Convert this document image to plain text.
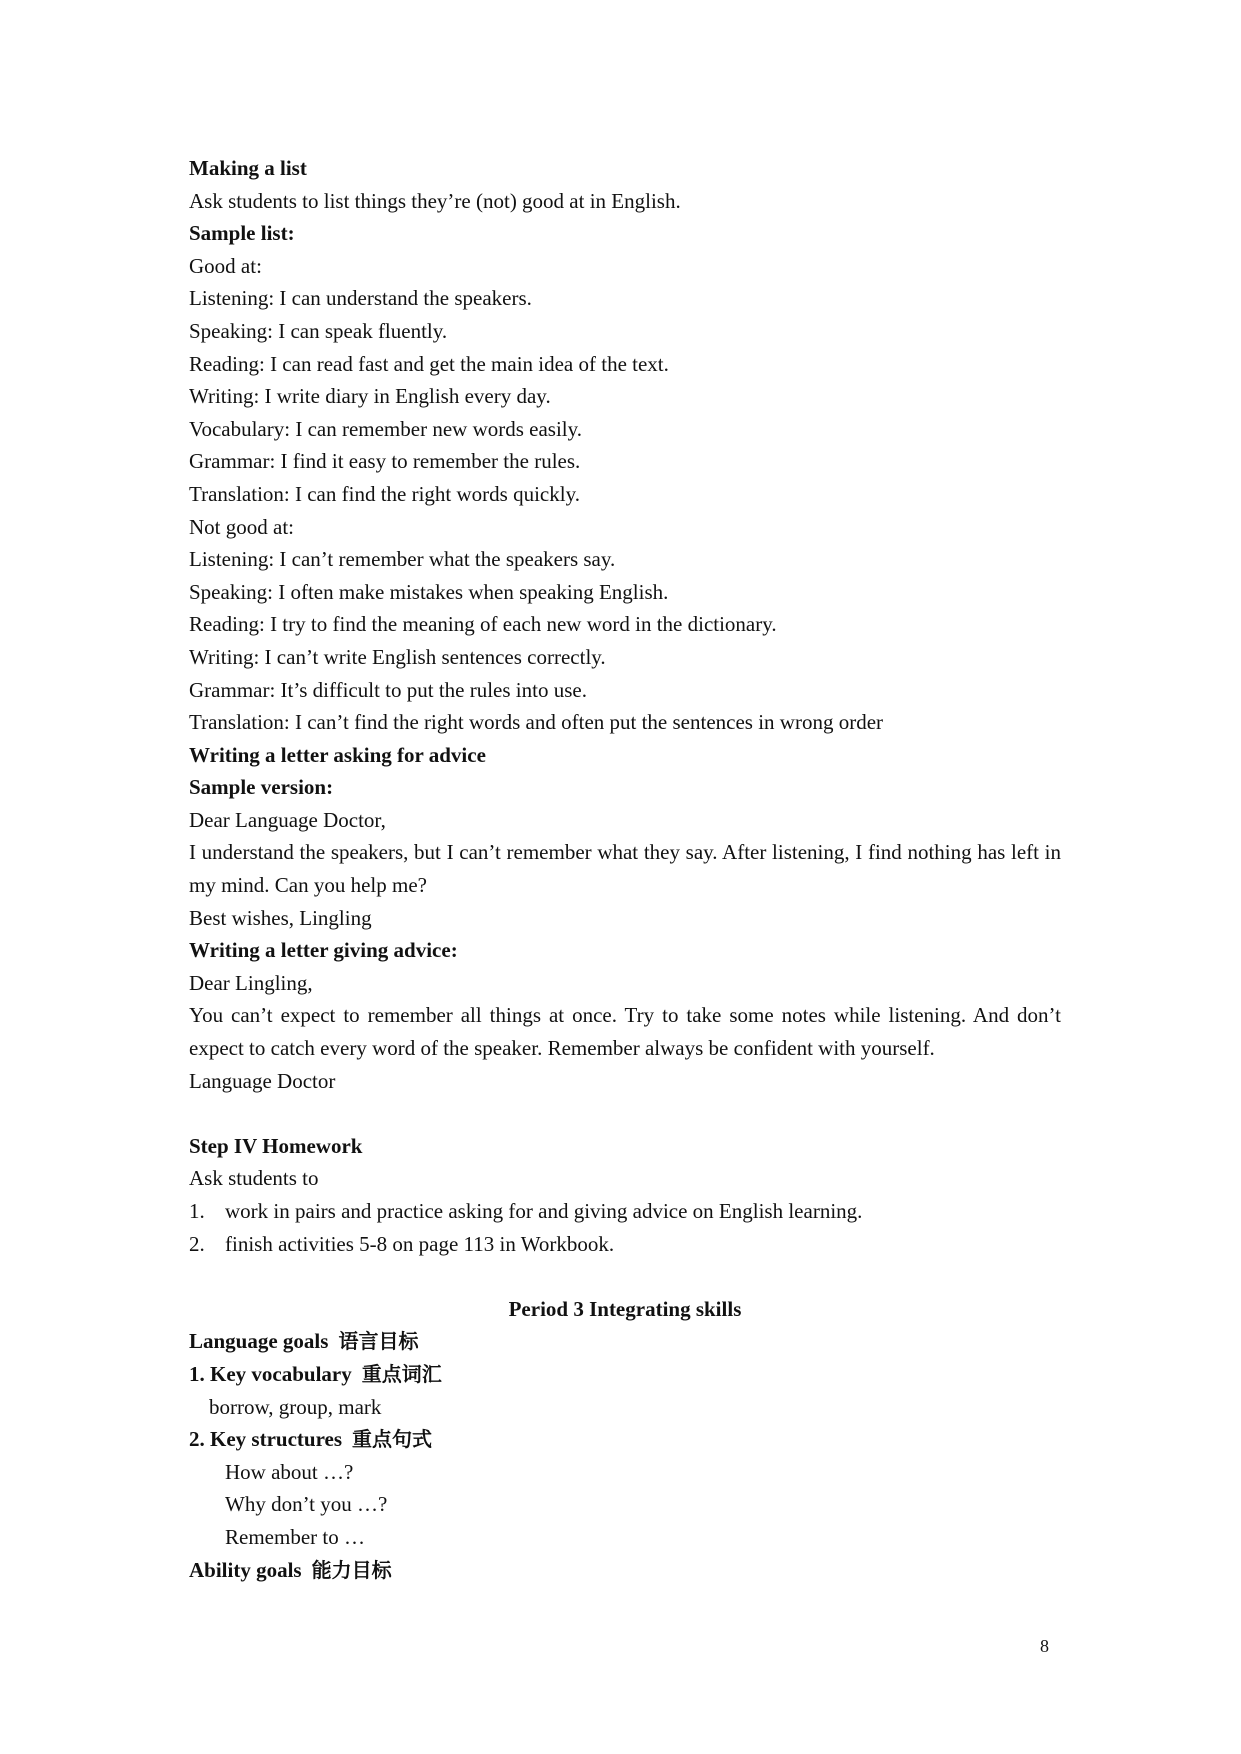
Making a list
Ask students to list things they’re (not) good at in English.
Sample list:
Good at:
Listening: I can understand the speakers.
Speaking: I can speak fluently.
Reading: I can read fast and get the main idea of the text.
Writing: I write diary in English every day.
Vocabulary: I can remember new words easily.
Grammar: I find it easy to remember the rules.
Translation: I can find the right words quickly.
Not good at:
Listening: I can’t remember what the speakers say.
Speaking: I often make mistakes when speaking English.
Reading: I try to find the meaning of each new word in the dictionary.
Writing: I can’t write English sentences correctly.
Grammar: It’s difficult to put the rules into use.
Translation: I can’t find the right words and often put the sentences in wrong order
Writing a letter asking for advice
Sample version:
Dear Language Doctor,
I understand the speakers, but I can’t remember what they say. After listening, I find nothing has left in my mind. Can you help me?
Best wishes, Lingling
Writing a letter giving advice:
Dear Lingling,
You can’t expect to remember all things at once. Try to take some notes while listening. And don’t expect to catch every word of the speaker. Remember always be confident with yourself.
Language Doctor
Step IV Homework
Ask students to
1. work in pairs and practice asking for and giving advice on English learning.
2. finish activities 5-8 on page 113 in Workbook.
Period 3 Integrating skills
Language goals 语言目标
1. Key vocabulary 重点词汇
borrow, group, mark
2. Key structures 重点句式
How about …?
Why don’t you …?
Remember to …
Ability goals 能力目标
8
